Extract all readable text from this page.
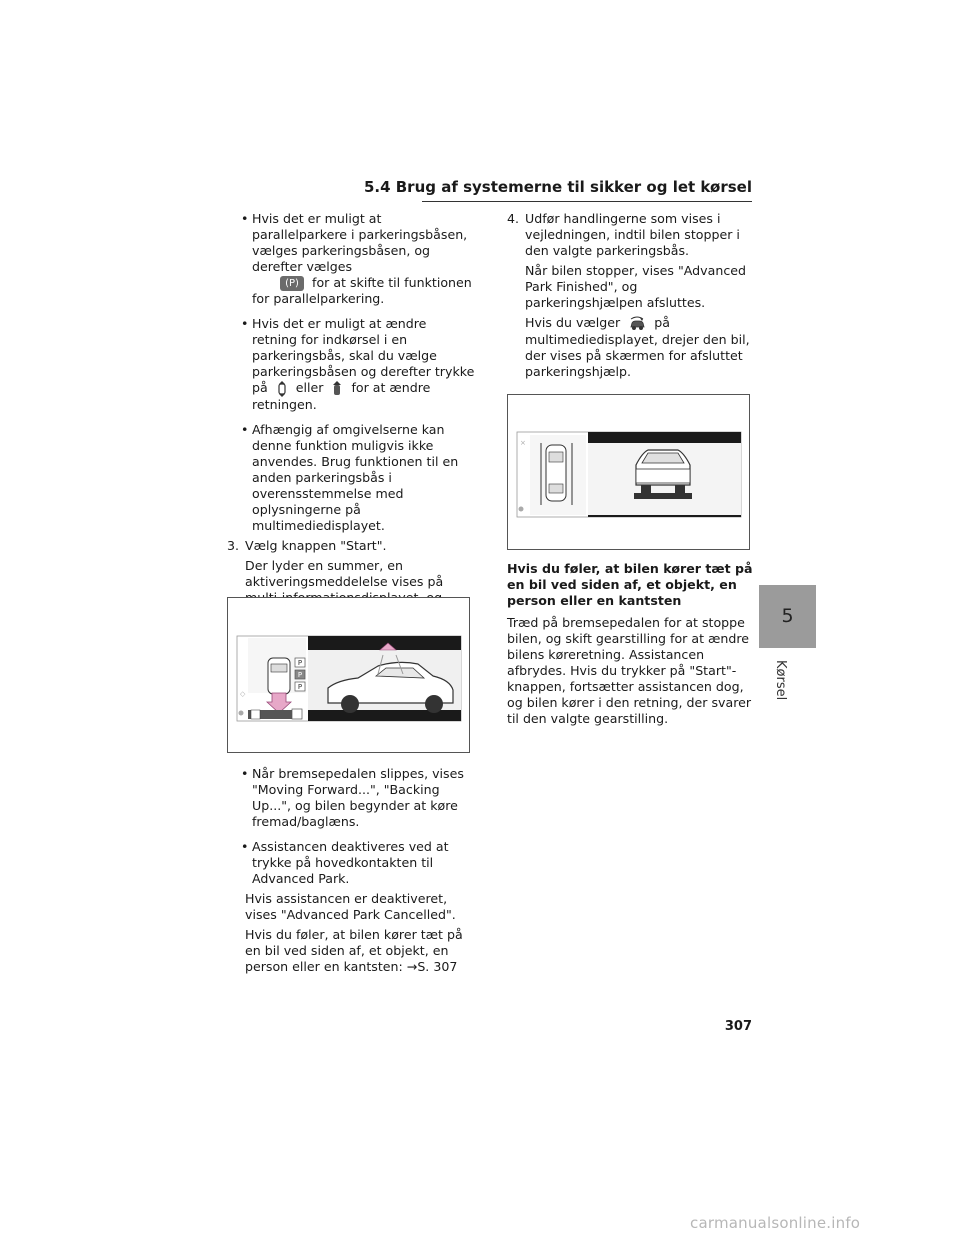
5.4 Brug af systemerne til sikker og let kørsel
• Hvis det er muligt at parallelparkere i parkeringsbåsen, vælges parkeringsbåsen, og derefter vælges
(P) for at skifte til funktionen for parallelparkering.
• Hvis det er muligt at ændre retning for indkørsel i en parkeringsbås, skal du vælge parkeringsbåsen og derefter trykke på eller for at ændre retningen.
• Afhængig af omgivelserne kan denne funktion muligvis ikke anvendes. Brug funktionen til en anden parkeringsbås i overensstemmelse med oplysningerne på multimediedisplayet.
3. Vælg knappen "Start".
Der lyder en summer, en aktiveringsmeddelelse vises på
P
P
P
◇
• Når bremsepedalen slippes, vises "Moving Forward...", "Backing Up...", og bilen begynder at køre fremad/baglæns.
• Assistancen deaktiveres ved at trykke på hovedkontakten til Advanced Park.
Hvis assistancen er deaktiveret, vises "Advanced Park Cancelled".
Hvis du føler, at bilen kører tæt på en bil ved siden af, et objekt, en person eller en kantsten: →S. 307
4. Udfør handlingerne som vises i vejledningen, indtil bilen stopper i den valgte parkeringsbås.
Når bilen stopper, vises "Advanced Park Finished", og parkeringshjælpen afsluttes.
Hvis du vælger	på multimediedisplayet, drejer den bil, der vises på skærmen for afsluttet parkeringshjælp.
×
Hvis du føler, at bilen kører tæt på en bil ved siden af, et objekt, en person eller en kantsten
Træd på bremsepedalen for at stoppe bilen, og skift gearstilling for at ændre bilens køreretning. Assistancen afbrydes. Hvis du trykker på "Start"-knappen, fortsætter assistancen dog, og bilen kører i den retning, der svarer til den valgte gearstilling.
5
Kørsel
307
carmanualsonline.info
